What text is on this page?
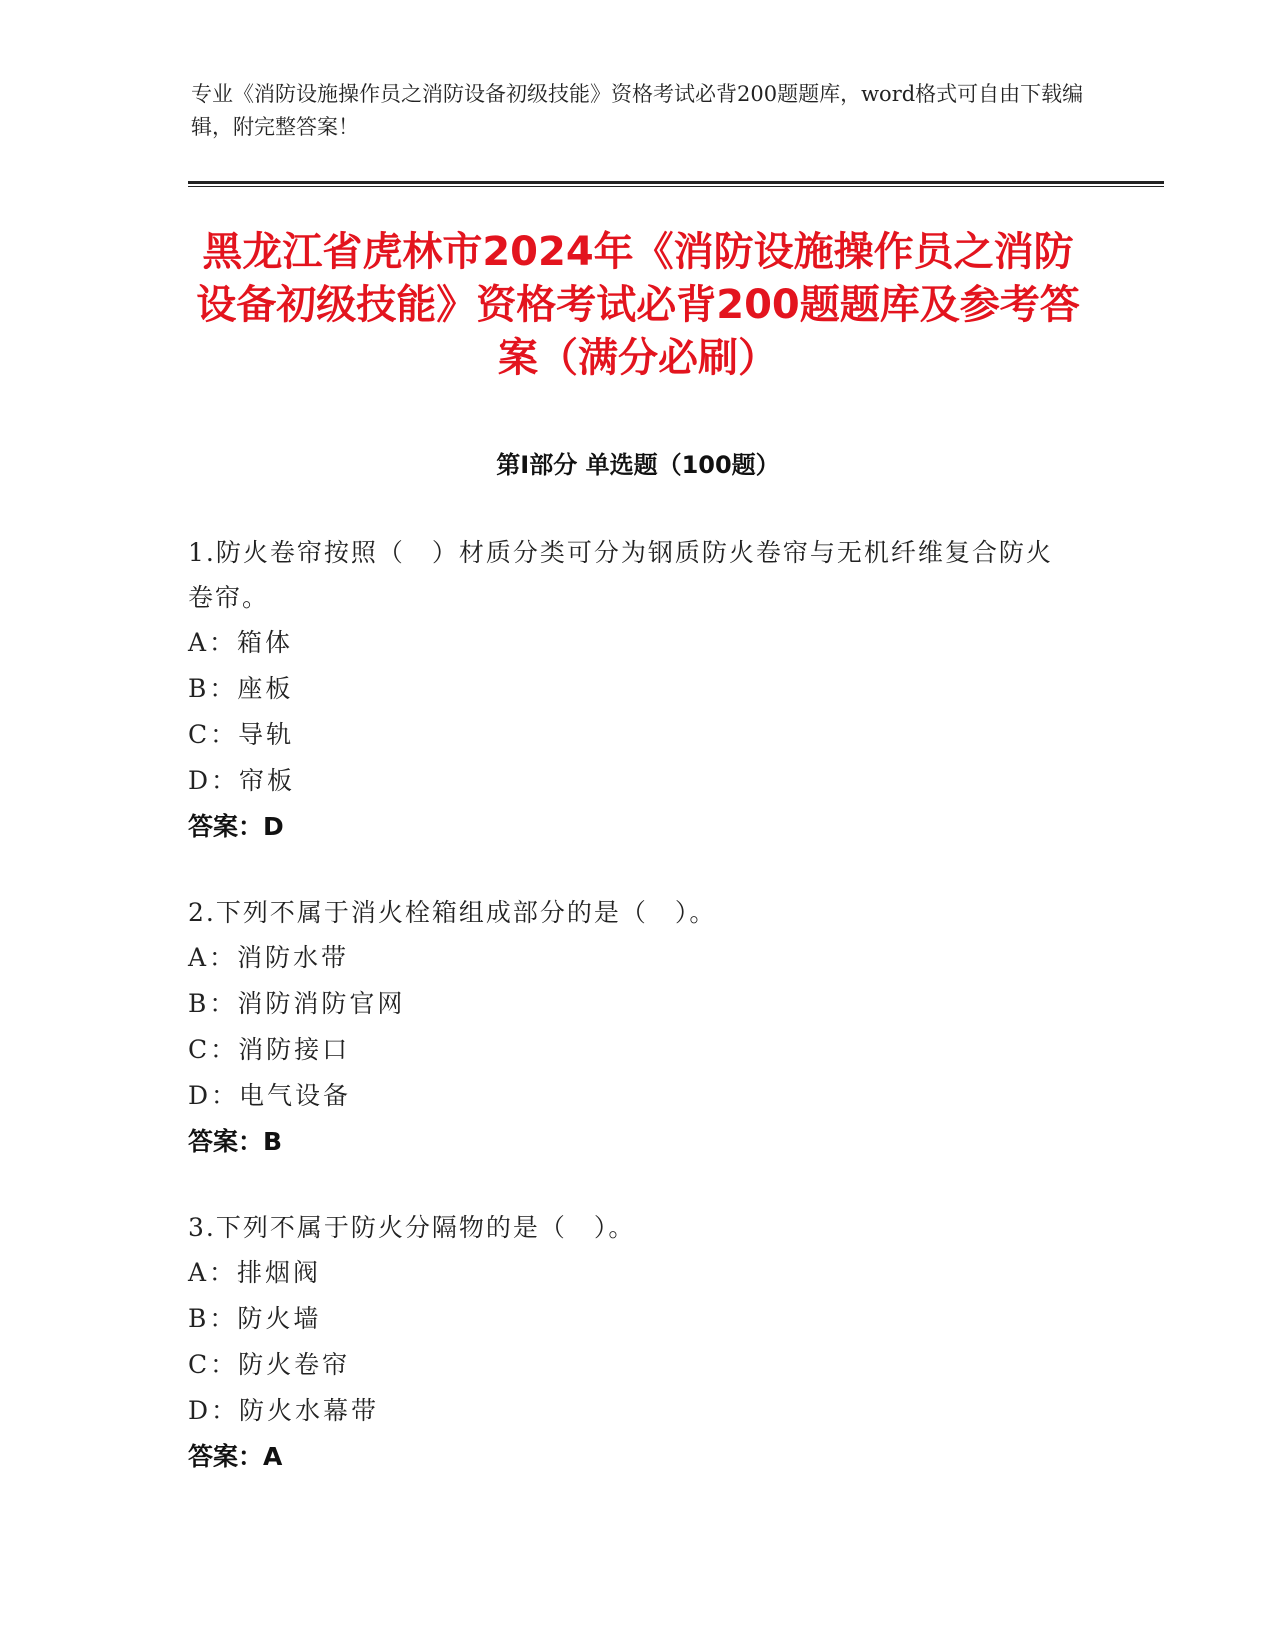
专业《消防设施操作员之消防设备初级技能》资格考试必背200题题库，word格式可自由下载编辑，附完整答案！
黑龙江省虎林市2024年《消防设施操作员之消防设备初级技能》资格考试必背200题题库及参考答案（满分必刷）
第Ⅰ部分 单选题（100题）
1.防火卷帘按照（　）材质分类可分为钢质防火卷帘与无机纤维复合防火卷帘。
A：箱体
B：座板
C：导轨
D：帘板
答案：D
2.下列不属于消火栓箱组成部分的是（　）。
A：消防水带
B：消防消防官网
C：消防接口
D：电气设备
答案：B
3.下列不属于防火分隔物的是（　）。
A：排烟阀
B：防火墙
C：防火卷帘
D：防火水幕带
答案：A
